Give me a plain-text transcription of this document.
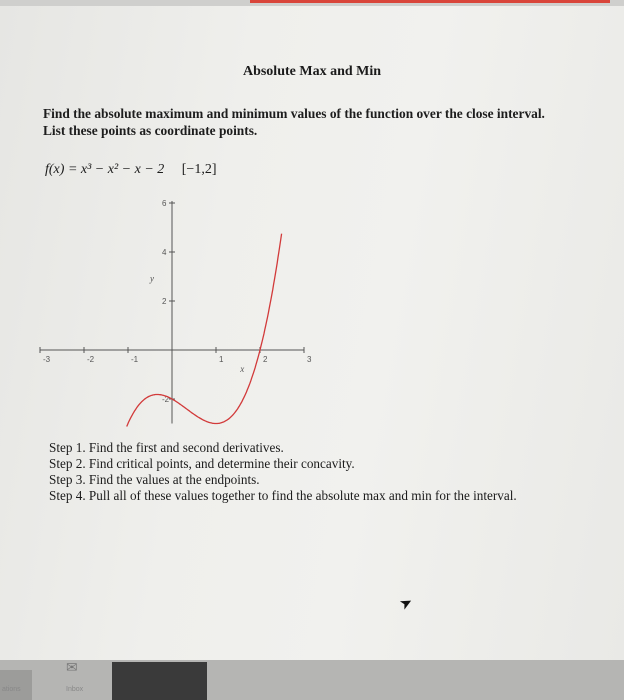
Absolute Max and Min
Find the absolute maximum and minimum values of the function over the close interval.
List these points as coordinate points.
f(x) = x³ − x² − x − 2 [−1,2]
-3	-2	-1	1	2	3
-2
2
4
6
x
y
Step 1. Find the first and second derivatives.
Step 2. Find critical points, and determine their concavity.
Step 3. Find the values at the endpoints.
Step 4. Pull all of these values together to find the absolute max and min for the interval.
➤
ations
✉
Inbox
